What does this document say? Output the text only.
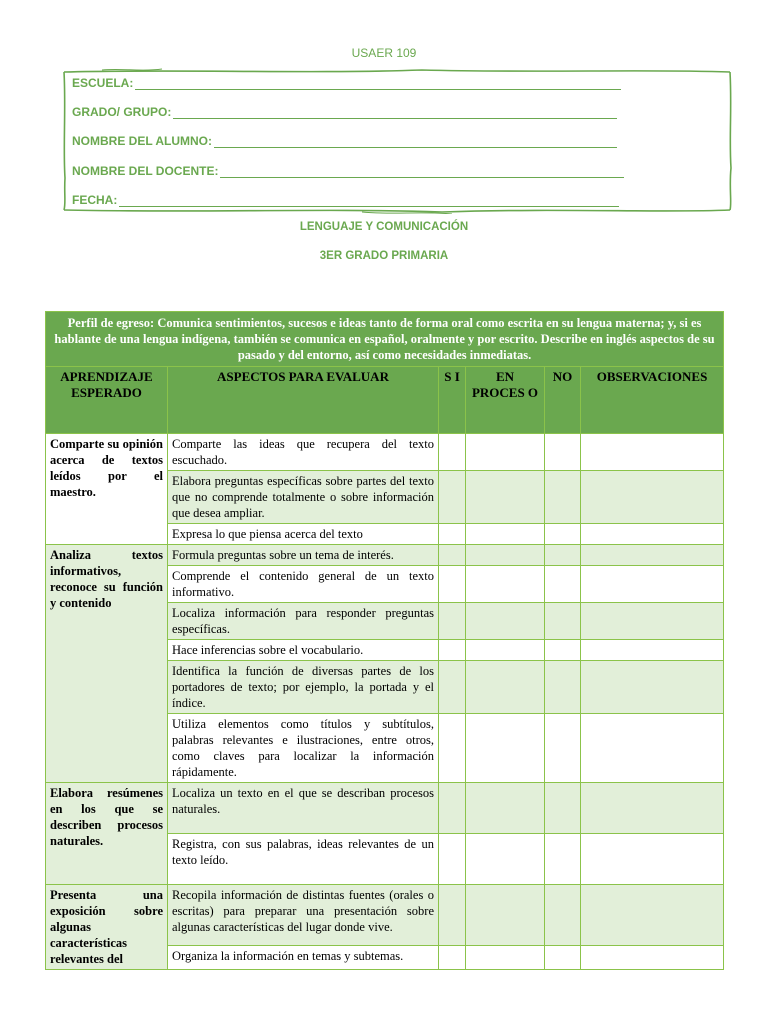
USAER 109
ESCUELA:
GRADO/ GRUPO:
NOMBRE DEL ALUMNO:
NOMBRE DEL DOCENTE:
FECHA:
LENGUAJE Y COMUNICACIÓN
3ER GRADO PRIMARIA
Perfil de egreso: Comunica sentimientos, sucesos e ideas tanto de forma oral como escrita en su lengua materna; y, si es hablante de una lengua indígena, también se comunica en español, oralmente y por escrito. Describe en inglés aspectos de su pasado y del entorno, así como necesidades inmediatas.					
APRENDIZAJE ESPERADO	ASPECTOS PARA EVALUAR	S I	EN PROCES O	NO	OBSERVACIONES
Comparte su opinión acerca de textos leídos por el maestro.	Comparte las ideas que recupera del texto escuchado.				
	Elabora preguntas específicas sobre partes del texto que no comprende totalmente o sobre información que desea ampliar.				
	Expresa lo que piensa acerca del texto				
Analiza textos informativos, reconoce su función y contenido	Formula preguntas sobre un tema de interés.				
	Comprende el contenido general de un texto informativo.				
	Localiza información para responder preguntas específicas.				
	Hace inferencias sobre el vocabulario.				
	Identifica la función de diversas partes de los portadores de texto; por ejemplo, la portada y el índice.				
	Utiliza elementos como títulos y subtítulos, palabras relevantes e ilustraciones, entre otros, como claves para localizar la información rápidamente.				
Elabora resúmenes en los que se describen procesos naturales.	Localiza un texto en el que se describan procesos naturales.				
	Registra, con sus palabras, ideas relevantes de un texto leído.				
Presenta una exposición sobre algunas características relevantes del	Recopila información de distintas fuentes (orales o escritas) para preparar una presentación sobre algunas características del lugar donde vive.				
	Organiza la información en temas y subtemas.				
